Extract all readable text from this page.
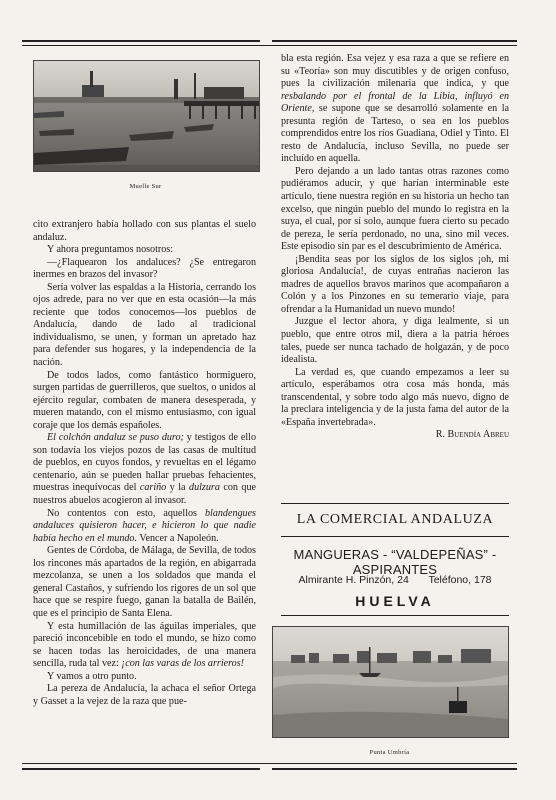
Muelle Sur

cito extranjero había hollado con sus plantas el suelo andaluz.

Y ahora preguntamos nosotros:

—¿Flaquearon los andaluces? ¿Se entregaron inermes en brazos del invasor?

Sería volver las espaldas a la Historia, cerrando los ojos adrede, para no ver que en esta ocasión—la más reciente que todos conocemos—los pueblos de Andalucía, dando de lado al tradicional individualismo, se unen, y forman un apretado haz para defender sus hogares, y la independencia de la nación.

De todos lados, como fantástico hormiguero, surgen partidas de guerrilleros, que sueltos, o unidos al ejército regular, combaten de manera desesperada, y mueren matando, con el mismo entusiasmo, con igual coraje que los demás españoles.

El colchón andaluz se puso duro; y testigos de ello son todavía los viejos pozos de las casas de multitud de pueblos, en cuyos fondos, y revueltas en el légamo centenario, aún se pueden hallar pruebas fehacientes, muestras inequívocas del cariño y la dulzura con que nuestros abuelos acogieron al invasor.

No contentos con esto, aquellos blandengues andaluces quisieron hacer, e hicieron lo que nadie había hecho en el mundo. Vencer a Napoleón.

Gentes de Córdoba, de Málaga, de Sevilla, de todos los rincones más apartados de la región, en abigarrada mezcolanza, se unen a los soldados que manda el general Castaños, y sufriendo los rigores de un sol que hace que se respire fuego, ganan la batalla de Bailén, que es el principio de Santa Elena.

Y esta humillación de las águilas imperiales, que pareció inconcebible en todo el mundo, se hizo como se hacen todas las heroicidades, de una manera sencilla, ruda tal vez: ¡con las varas de los arrieros!

Y vamos a otro punto.

La pereza de Andalucía, la achaca el señor Ortega y Gasset a la vejez de la raza que pue-

bla esta región. Esa vejez y esa raza a que se refiere en su «Teoría» son muy discutibles y de origen confuso, pues la civilización milenaria que indica, y que resbalando por el frontal de la Libia, influyó en Oriente, se supone que se desarrolló solamente en la presunta región de Tarteso, o sea en los pueblos comprendidos entre los ríos Guadiana, Odiel y Tinto. El resto de Andalucía, incluso Sevilla, no puede ser incluído en aquella.

Pero dejando a un lado tantas otras razones como pudiéramos aducir, y que harían interminable este artículo, tiene nuestra región en su historia un hecho tan excelso, que ningún pueblo del mundo lo registra en la suya, el cual, por sí solo, aunque fuera cierto su pecado de pereza, le sería perdonado, no una, sino mil veces. Este episodio sin par es el descubrimiento de América.

¡Bendita seas por los siglos de los siglos ¡oh, mi gloriosa Andalucía!, de cuyas entrañas nacieron las madres de aquellos bravos marinos que acompañaron a Colón y a los Pinzones en su temerario viaje, para ofrendar a la Humanidad un nuevo mundo!

Juzgue el lector ahora, y diga lealmente, si un pueblo, que entre otros mil, diera a la patria héroes tales, puede ser nunca tachado de holgazán, y de poco idealista.

La verdad es, que cuando empezamos a leer su artículo, esperábamos otra cosa más honda, más transcendental, y sobre todo algo más nuevo, digno de la preclara inteligencia y de la justa fama del autor de la «España invertebrada».

R. Buendía Abreu

LA COMERCIAL ANDALUZA
MANGUERAS - “VALDEPEÑAS” - ASPIRANTES
Almirante H. Pinzón, 24 Teléfono, 178
HUELVA
Punta Umbría
